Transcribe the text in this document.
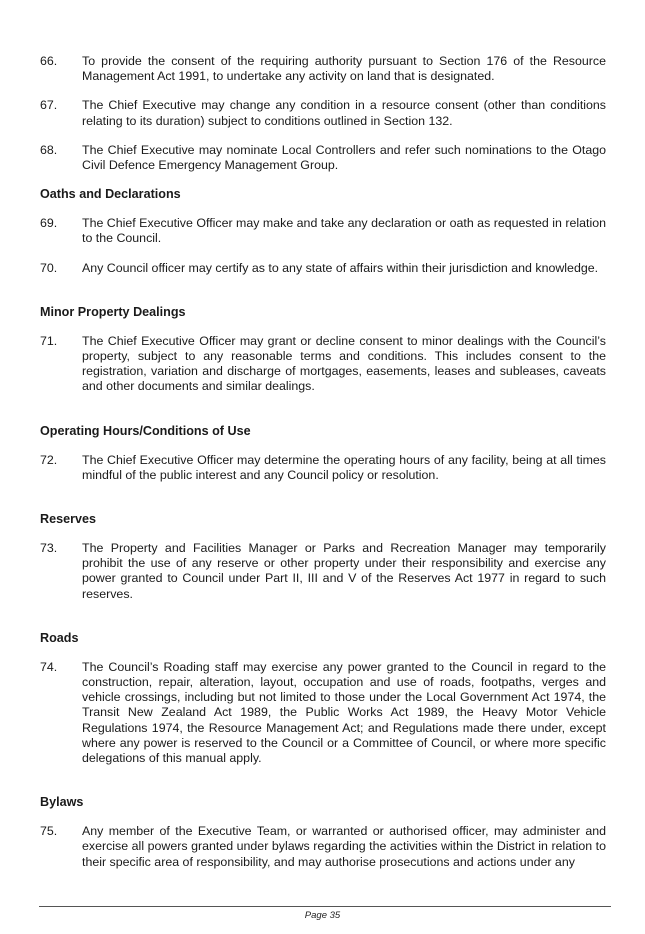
66.	To provide the consent of the requiring authority pursuant to Section 176 of the Resource Management Act 1991, to undertake any activity on land that is designated.
67.	The Chief Executive may change any condition in a resource consent (other than conditions relating to its duration) subject to conditions outlined in Section 132.
68.	The Chief Executive may nominate Local Controllers and refer such nominations to the Otago Civil Defence Emergency Management Group.
Oaths and Declarations
69.	The Chief Executive Officer may make and take any declaration or oath as requested in relation to the Council.
70.	Any Council officer may certify as to any state of affairs within their jurisdiction and knowledge.
Minor Property Dealings
71.	The Chief Executive Officer may grant or decline consent to minor dealings with the Council’s property, subject to any reasonable terms and conditions. This includes consent to the registration, variation and discharge of mortgages, easements, leases and subleases, caveats and other documents and similar dealings.
Operating Hours/Conditions of Use
72.	The Chief Executive Officer may determine the operating hours of any facility, being at all times mindful of the public interest and any Council policy or resolution.
Reserves
73.	The Property and Facilities Manager or Parks and Recreation Manager may temporarily prohibit the use of any reserve or other property under their responsibility and exercise any power granted to Council under Part II, III and V of the Reserves Act 1977 in regard to such reserves.
Roads
74.	The Council’s Roading staff may exercise any power granted to the Council in regard to the construction, repair, alteration, layout, occupation and use of roads, footpaths, verges and vehicle crossings, including but not limited to those under the Local Government Act 1974, the Transit New Zealand Act 1989, the Public Works Act 1989, the Heavy Motor Vehicle Regulations 1974, the Resource Management Act; and Regulations made there under, except where any power is reserved to the Council or a Committee of Council, or where more specific delegations of this manual apply.
Bylaws
75.	Any member of the Executive Team, or warranted or authorised officer, may administer and exercise all powers granted under bylaws regarding the activities within the District in relation to their specific area of responsibility, and may authorise prosecutions and actions under any
Page 35
